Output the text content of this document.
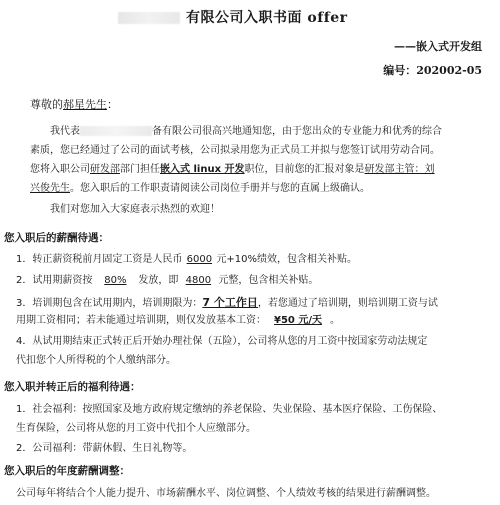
有限公司入职书面 offer
——嵌入式开发组
编号：202002-05
尊敬的郝星先生：
我代表	备有限公司很高兴地通知您，由于您出众的专业能力和优秀的综合
素质，您已经通过了公司的面试考核，公司拟录用您为正式员工并拟与您签订试用劳动合同。
您将入职公司研发部部门担任嵌入式 linux 开发职位，目前您的汇报对象是研发部主管：刘
兴俊先生。您入职后的工作职责请阅读公司岗位手册并与您的直属上级确认。
我们对您加入大家庭表示热烈的欢迎！
您入职后的薪酬待遇：
1．转正薪资税前月固定工资是人民币 6000 元+10%绩效，包含相关补贴。
2．试用期薪资按 80% 发放，即 4800 元整，包含相关补贴。
3．培训期包含在试用期内，培训期限为：7 个工作日，若您通过了培训期，则培训期工资与试
用期工资相同；若未能通过培训期，则仅发放基本工资： ¥50 元/天 。
4．从试用期结束正式转正后开始办理社保（五险），公司将从您的月工资中按国家劳动法规定
代扣您个人所得税的个人缴纳部分。
您入职并转正后的福利待遇：
1．社会福利：按照国家及地方政府规定缴纳的养老保险、失业保险、基本医疗保险、工伤保险、
生育保险，公司将从您的月工资中代扣个人应缴部分。
2．公司福利：带薪休假、生日礼物等。
您入职后的年度薪酬调整：
公司每年将结合个人能力提升、市场薪酬水平、岗位调整、个人绩效考核的结果进行薪酬调整。
